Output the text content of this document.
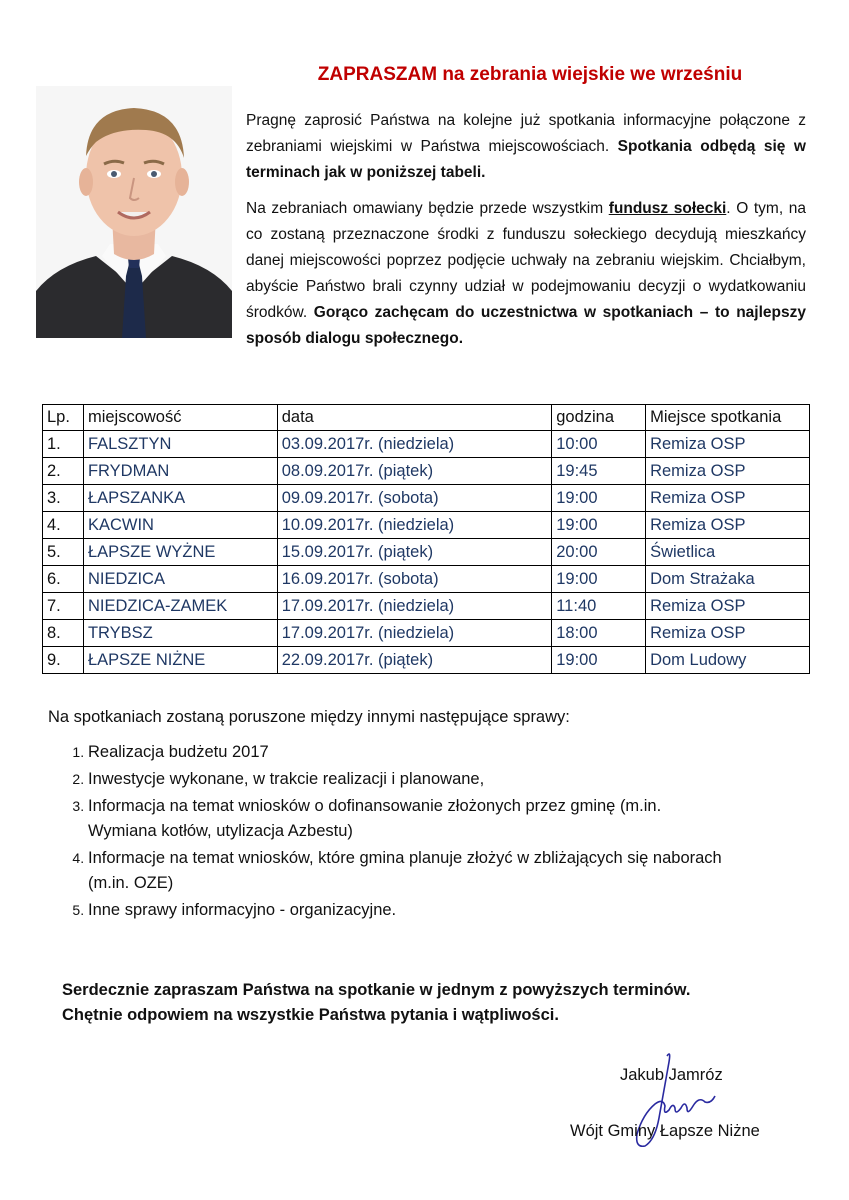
ZAPRASZAM na zebrania wiejskie we wrześniu

Pragnę zaprosić Państwa na kolejne już spotkania informacyjne połączone z zebraniami wiejskimi w Państwa miejscowościach. Spotkania odbędą się w terminach jak w poniższej tabeli.

Na zebraniach omawiany będzie przede wszystkim fundusz sołecki. O tym, na co zostaną przeznaczone środki z funduszu sołeckiego decydują mieszkańcy danej miejscowości poprzez podjęcie uchwały na zebraniu wiejskim. Chciałbym, abyście Państwo brali czynny udział w podejmowaniu decyzji o wydatkowaniu środków. Gorąco zachęcam do uczestnictwa w spotkaniach – to najlepszy sposób dialogu społecznego.

Lp.	miejscowość	data	godzina	Miejsce spotkania
1.	FALSZTYN	03.09.2017r. (niedziela)	10:00	Remiza OSP
2.	FRYDMAN	08.09.2017r. (piątek)	19:45	Remiza OSP
3.	ŁAPSZANKA	09.09.2017r. (sobota)	19:00	Remiza OSP
4.	KACWIN	10.09.2017r. (niedziela)	19:00	Remiza OSP
5.	ŁAPSZE WYŻNE	15.09.2017r. (piątek)	20:00	Świetlica
6.	NIEDZICA	16.09.2017r. (sobota)	19:00	Dom Strażaka
7.	NIEDZICA-ZAMEK	17.09.2017r. (niedziela)	11:40	Remiza OSP
8.	TRYBSZ	17.09.2017r. (niedziela)	18:00	Remiza OSP
9.	ŁAPSZE NIŻNE	22.09.2017r. (piątek)	19:00	Dom Ludowy
Na spotkaniach zostaną poruszone między innymi następujące sprawy:
1. Realizacja budżetu 2017
2. Inwestycje wykonane, w trakcie realizacji i planowane,
3. Informacja na temat wniosków o dofinansowanie złożonych przez gminę (m.in. Wymiana kotłów, utylizacja Azbestu)
4. Informacje na temat wniosków, które gmina planuje złożyć w zbliżających się naborach (m.in. OZE)
5. Inne sprawy informacyjno - organizacyjne.
Serdecznie zapraszam Państwa na spotkanie w jednym z powyższych terminów.
Chętnie odpowiem na wszystkie Państwa pytania i wątpliwości.
Jakub Jamróz
Wójt Gminy Łapsze Niżne
